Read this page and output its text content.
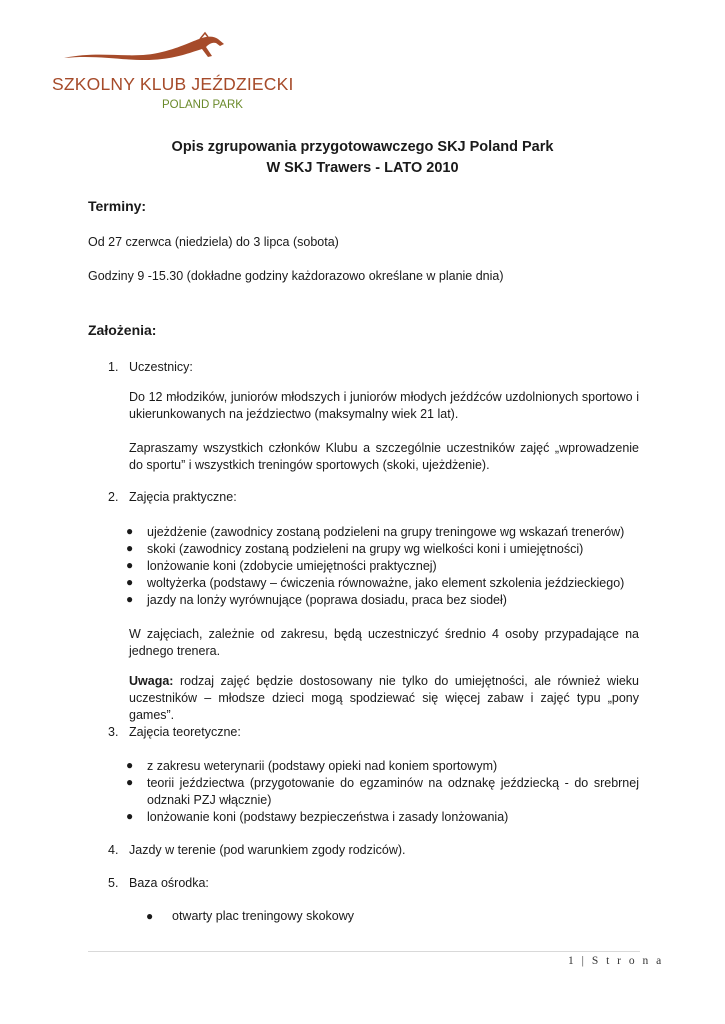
SZKOLNY KLUB JEŹDZIECKI
POLAND PARK
Opis zgrupowania przygotowawczego SKJ Poland Park
W SKJ Trawers - LATO 2010
Terminy:
Od 27 czerwca (niedziela) do 3 lipca (sobota)
Godziny 9 -15.30 (dokładne godziny każdorazowo określane w planie dnia)
Założenia:
1. Uczestnicy:
Do 12 młodzików, juniorów młodszych i juniorów młodych jeźdźców uzdolnionych sportowo i ukierunkowanych na jeździectwo (maksymalny wiek 21 lat).
Zapraszamy wszystkich członków Klubu a szczególnie uczestników zajęć „wprowadzenie do sportu” i wszystkich treningów sportowych (skoki, ujeżdżenie).
2. Zajęcia praktyczne:
● ujeżdżenie (zawodnicy zostaną podzieleni na grupy treningowe wg wskazań trenerów)
● skoki (zawodnicy zostaną podzieleni na grupy wg wielkości koni i umiejętności)
● lonżowanie koni (zdobycie umiejętności praktycznej)
● woltyżerka (podstawy – ćwiczenia równoważne, jako element szkolenia jeździeckiego)
● jazdy na lonży wyrównujące (poprawa dosiadu, praca bez siodeł)
W zajęciach, zależnie od zakresu, będą uczestniczyć średnio 4 osoby przypadające na jednego trenera.
Uwaga: rodzaj zajęć będzie dostosowany nie tylko do umiejętności, ale również wieku uczestników – młodsze dzieci mogą spodziewać się więcej zabaw i zajęć typu „pony games”.
3. Zajęcia teoretyczne:
● z zakresu weterynarii (podstawy opieki nad koniem sportowym)
● teorii jeździectwa (przygotowanie do egzaminów na odznakę jeździecką - do srebrnej odznaki PZJ włącznie)
● lonżowanie koni (podstawy bezpieczeństwa i zasady lonżowania)
4. Jazdy w terenie (pod warunkiem zgody rodziców).
5. Baza ośrodka:
● otwarty plac treningowy skokowy
1 | S t r o n a
